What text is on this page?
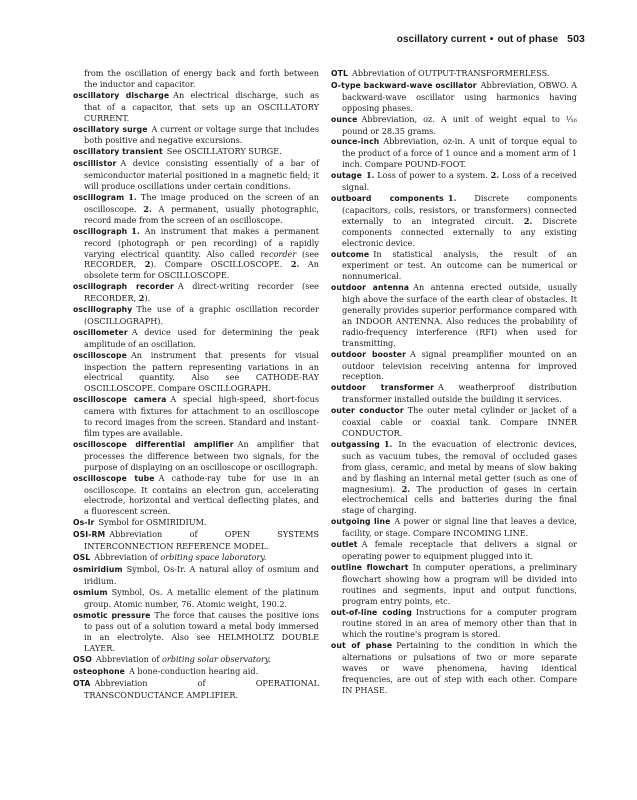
oscillatory current • out of phase 503

from the oscillation of energy back and forth between the inductor and capacitor.

oscillatory discharge An electrical discharge, such as that of a capacitor, that sets up an OSCILLATORY CURRENT.

oscillatory surge A current or voltage surge that includes both positive and negative excursions.

oscillatory transient See OSCILLATORY SURGE.

oscillistor A device consisting essentially of a bar of semiconductor material positioned in a magnetic field; it will produce oscillations under certain conditions.

oscillogram 1. The image produced on the screen of an oscilloscope. 2. A permanent, usually photographic, record made from the screen of an oscilloscope.

oscillograph 1. An instrument that makes a permanent record (photograph or pen recording) of a rapidly varying electrical quantity. Also called recorder (see RECORDER, 2). Compare OSCILLOSCOPE. 2. An obsolete term for OSCILLOSCOPE.

oscillograph recorder A direct-writing recorder (see RECORDER, 2).

oscillography The use of a graphic oscillation recorder (OSCILLOGRAPH).

oscillometer A device used for determining the peak amplitude of an oscillation.

oscilloscope An instrument that presents for visual inspection the pattern representing variations in an electrical quantity. Also see CATHODE-RAY OSCILLOSCOPE. Compare OSCILLOGRAPH.

oscilloscope camera A special high-speed, short-focus camera with fixtures for attachment to an oscilloscope to record images from the screen. Standard and instant-film types are available.

oscilloscope differential amplifier An amplifier that processes the difference between two signals, for the purpose of displaying on an oscilloscope or oscillograph.

oscilloscope tube A cathode-ray tube for use in an oscilloscope. It contains an electron gun, accelerating electrode, horizontal and vertical deflecting plates, and a fluorescent screen.

Os-Ir Symbol for OSMIRIDIUM.

OSI-RM Abbreviation of OPEN SYSTEMS INTERCONNECTION REFERENCE MODEL.

OSL Abbreviation of orbiting space laboratory.

osmiridium Symbol, Os-Ir. A natural alloy of osmium and iridium.

osmium Symbol, Os. A metallic element of the platinum group. Atomic number, 76. Atomic weight, 190.2.

osmotic pressure The force that causes the positive ions to pass out of a solution toward a metal body immersed in an electrolyte. Also see HELMHOLTZ DOUBLE LAYER.

OSO Abbreviation of orbiting solar observatory.

osteophone A bone-conduction hearing aid.

OTA Abbreviation of OPERATIONAL TRANSCONDUCTANCE AMPLIFIER.

OTL Abbreviation of OUTPUT-TRANSFORMERLESS.

O-type backward-wave oscillator Abbreviation, OBWO. A backward-wave oscillator using harmonics having opposing phases.

ounce Abbreviation, oz. A unit of weight equal to ¹⁄₁₆ pound or 28.35 grams.

ounce-inch Abbreviation, oz-in. A unit of torque equal to the product of a force of 1 ounce and a moment arm of 1 inch. Compare POUND-FOOT.

outage 1. Loss of power to a system. 2. Loss of a received signal.

outboard components 1. Discrete components (capacitors, coils, resistors, or transformers) connected externally to an integrated circuit. 2. Discrete components connected externally to any existing electronic device.

outcome In statistical analysis, the result of an experiment or test. An outcome can be numerical or nonnumerical.

outdoor antenna An antenna erected outside, usually high above the surface of the earth clear of obstacles. It generally provides superior performance compared with an INDOOR ANTENNA. Also reduces the probability of radio-frequency interference (RFI) when used for transmitting.

outdoor booster A signal preamplifier mounted on an outdoor television receiving antenna for improved reception.

outdoor transformer A weatherproof distribution transformer installed outside the building it services.

outer conductor The outer metal cylinder or jacket of a coaxial cable or coaxial tank. Compare INNER CONDUCTOR.

outgassing 1. In the evacuation of electronic devices, such as vacuum tubes, the removal of occluded gases from glass, ceramic, and metal by means of slow baking and by flashing an internal metal getter (such as one of magnesium). 2. The production of gases in certain electrochemical cells and batteries during the final stage of charging.

outgoing line A power or signal line that leaves a device, facility, or stage. Compare INCOMING LINE.

outlet A female receptacle that delivers a signal or operating power to equipment plugged into it.

outline flowchart In computer operations, a preliminary flowchart showing how a program will be divided into routines and segments, input and output functions, program entry points, etc.

out-of-line coding Instructions for a computer program routine stored in an area of memory other than that in which the routine's program is stored.

out of phase Pertaining to the condition in which the alternations or pulsations of two or more separate waves or wave phenomena, having identical frequencies, are out of step with each other. Compare IN PHASE.
